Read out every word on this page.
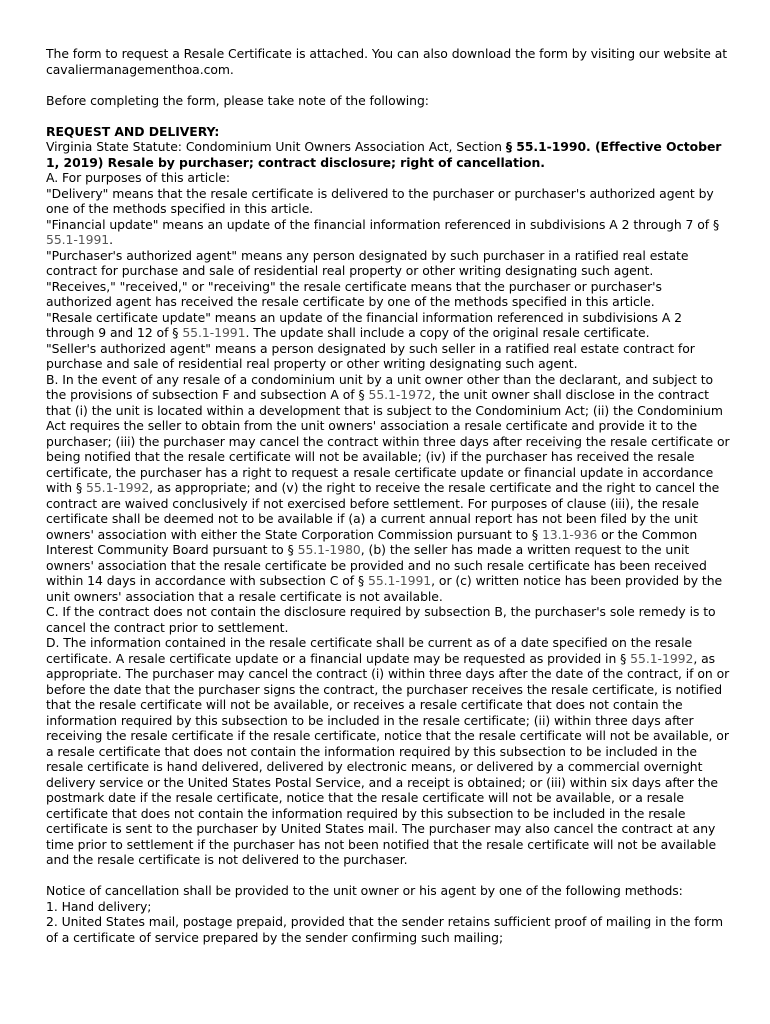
The form to request a Resale Certificate is attached. You can also download the form by visiting our website at cavaliermanagementhoa.com.

Before completing the form, please take note of the following:

REQUEST AND DELIVERY:

Virginia State Statute: Condominium Unit Owners Association Act, Section § 55.1-1990. (Effective October 1, 2019) Resale by purchaser; contract disclosure; right of cancellation.

A. For purposes of this article:

"Delivery" means that the resale certificate is delivered to the purchaser or purchaser's authorized agent by one of the methods specified in this article.

"Financial update" means an update of the financial information referenced in subdivisions A 2 through 7 of § 55.1-1991.

"Purchaser's authorized agent" means any person designated by such purchaser in a ratified real estate contract for purchase and sale of residential real property or other writing designating such agent.

"Receives," "received," or "receiving" the resale certificate means that the purchaser or purchaser's authorized agent has received the resale certificate by one of the methods specified in this article.

"Resale certificate update" means an update of the financial information referenced in subdivisions A 2 through 9 and 12 of § 55.1-1991. The update shall include a copy of the original resale certificate.

"Seller's authorized agent" means a person designated by such seller in a ratified real estate contract for purchase and sale of residential real property or other writing designating such agent.

B. In the event of any resale of a condominium unit by a unit owner other than the declarant, and subject to the provisions of subsection F and subsection A of § 55.1-1972, the unit owner shall disclose in the contract that (i) the unit is located within a development that is subject to the Condominium Act; (ii) the Condominium Act requires the seller to obtain from the unit owners' association a resale certificate and provide it to the purchaser; (iii) the purchaser may cancel the contract within three days after receiving the resale certificate or being notified that the resale certificate will not be available; (iv) if the purchaser has received the resale certificate, the purchaser has a right to request a resale certificate update or financial update in accordance with § 55.1-1992, as appropriate; and (v) the right to receive the resale certificate and the right to cancel the contract are waived conclusively if not exercised before settlement. For purposes of clause (iii), the resale certificate shall be deemed not to be available if (a) a current annual report has not been filed by the unit owners' association with either the State Corporation Commission pursuant to § 13.1-936 or the Common Interest Community Board pursuant to § 55.1-1980, (b) the seller has made a written request to the unit owners' association that the resale certificate be provided and no such resale certificate has been received within 14 days in accordance with subsection C of § 55.1-1991, or (c) written notice has been provided by the unit owners' association that a resale certificate is not available.

C. If the contract does not contain the disclosure required by subsection B, the purchaser's sole remedy is to cancel the contract prior to settlement.

D. The information contained in the resale certificate shall be current as of a date specified on the resale certificate. A resale certificate update or a financial update may be requested as provided in § 55.1-1992, as appropriate. The purchaser may cancel the contract (i) within three days after the date of the contract, if on or before the date that the purchaser signs the contract, the purchaser receives the resale certificate, is notified that the resale certificate will not be available, or receives a resale certificate that does not contain the information required by this subsection to be included in the resale certificate; (ii) within three days after receiving the resale certificate if the resale certificate, notice that the resale certificate will not be available, or a resale certificate that does not contain the information required by this subsection to be included in the resale certificate is hand delivered, delivered by electronic means, or delivered by a commercial overnight delivery service or the United States Postal Service, and a receipt is obtained; or (iii) within six days after the postmark date if the resale certificate, notice that the resale certificate will not be available, or a resale certificate that does not contain the information required by this subsection to be included in the resale certificate is sent to the purchaser by United States mail. The purchaser may also cancel the contract at any time prior to settlement if the purchaser has not been notified that the resale certificate will not be available and the resale certificate is not delivered to the purchaser.

Notice of cancellation shall be provided to the unit owner or his agent by one of the following methods:

1. Hand delivery;

2. United States mail, postage prepaid, provided that the sender retains sufficient proof of mailing in the form of a certificate of service prepared by the sender confirming such mailing;
